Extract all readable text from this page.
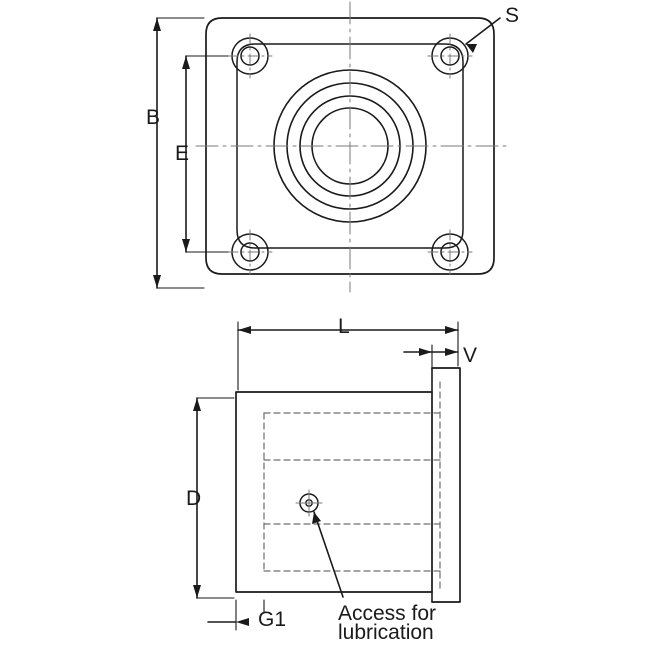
S
B
E
L
V
D
G1 Access for
lubrication
